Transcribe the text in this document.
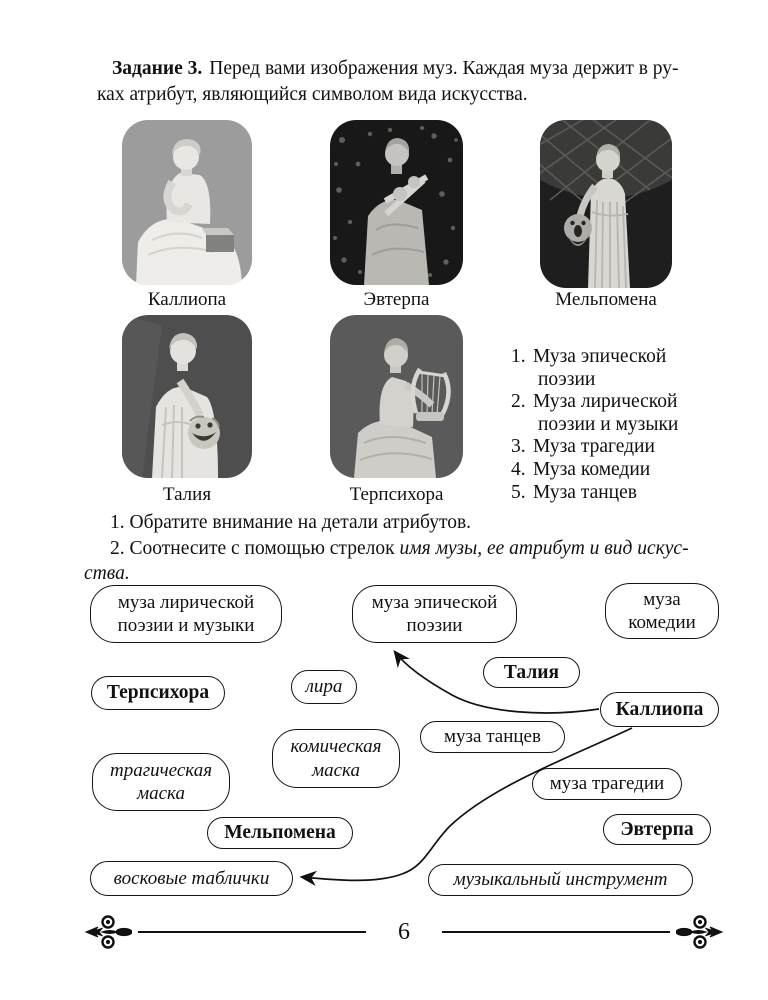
Задание 3. Перед вами изображения муз. Каждая муза держит в ру-
ках атрибут, являющийся символом вида искусства.
Каллиопа	Эвтерпа	Мельпомена
Талия	Терпсихора
1. Муза эпической поэзии
2. Муза лирической поэзии и музыки
3. Муза трагедии
4. Муза комедии
5. Муза танцев
1. Обратите внимание на детали атрибутов.
2. Соотнесите с помощью стрелок имя музы, ее атрибут и вид искус-
ства.
муза лирической поэзии и музыки
муза эпической поэзии
муза комедии
Талия
Терпсихора	лира
Каллиопа
муза танцев
комическая маска
муза трагедии
трагическая маска
Мельпомена	Эвтерпа
восковые таблички	музыкальный инструмент
6
